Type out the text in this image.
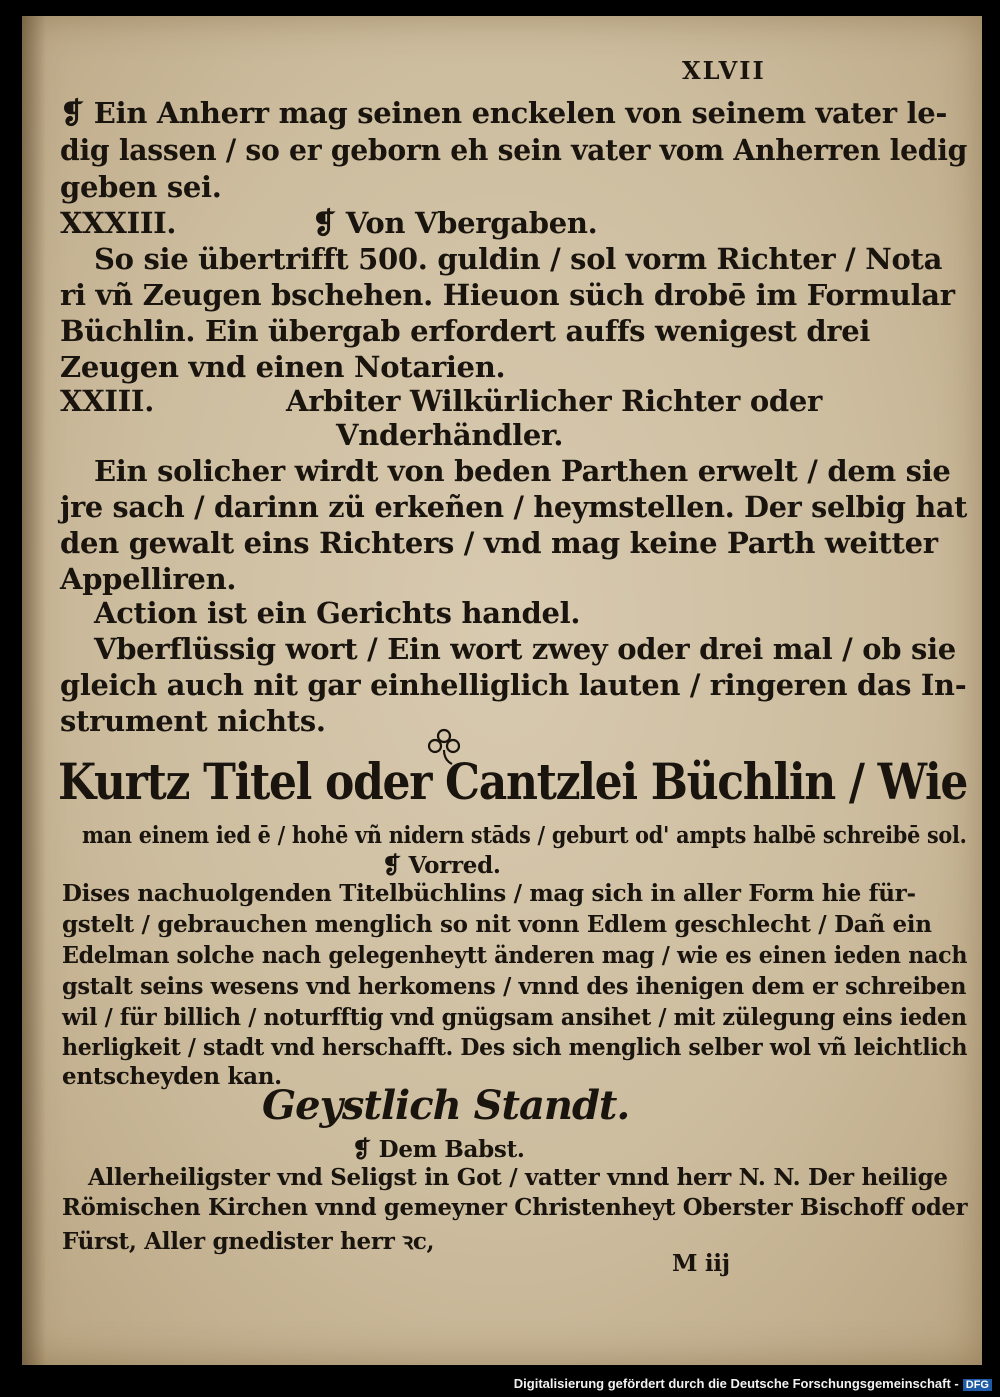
XLVII
❡ Ein Anherr mag seinen enckelen von seinem vater le-
dig lassen / so er geborn eh sein vater vom Anherren ledig
geben sei.
XXXIII.	❡ Von Vbergaben.
So sie übertrifft 500. guldin / sol vorm Richter / Nota
ri vñ Zeugen bschehen. Hieuon süch drobē im Formular
Büchlin. Ein übergab erfordert auffs wenigest drei
Zeugen vnd einen Notarien.
XXIII.	Arbiter Wilkürlicher Richter oder
Vnderhändler.
Ein solicher wirdt von beden Parthen erwelt / dem sie
jre sach / darinn zü erkeñen / heymstellen. Der selbig hat
den gewalt eins Richters / vnd mag keine Parth weitter
Appelliren.
Action ist ein Gerichts handel.
Vberflüssig wort / Ein wort zwey oder drei mal / ob sie
gleich auch nit gar einhelliglich lauten / ringeren das In-
strument nichts.
Kurtz Titel oder Cantzlei Büchlin / Wie
man einem ied ē / hohē vñ nidern stāds / geburt od' ampts halbē schreibē sol.
❡ Vorred.
Dises nachuolgenden Titelbüchlins / mag sich in aller Form hie für-
gstelt / gebrauchen menglich so nit vonn Edlem geschlecht / Dañ ein
Edelman solche nach gelegenheytt änderen mag / wie es einen ieden nach
gstalt seins wesens vnd herkomens / vnnd des ihenigen dem er schreiben
wil / für billich / noturfftig vnd gnügsam ansihet / mit zülegung eins ieden
herligkeit / stadt vnd herschafft. Des sich menglich selber wol vñ leichtlich
entscheyden kan.
Geystlich Standt.
❡ Dem Babst.
Allerheiligster vnd Seligst in Got / vatter vnnd herr N. N. Der heilige
Römischen Kirchen vnnd gemeyner Christenheyt Oberster Bischoff oder
Fürst, Aller gnedister herr ꝛc,
M iij
Digitalisierung gefördert durch die Deutsche Forschungsgemeinschaft - DFG
